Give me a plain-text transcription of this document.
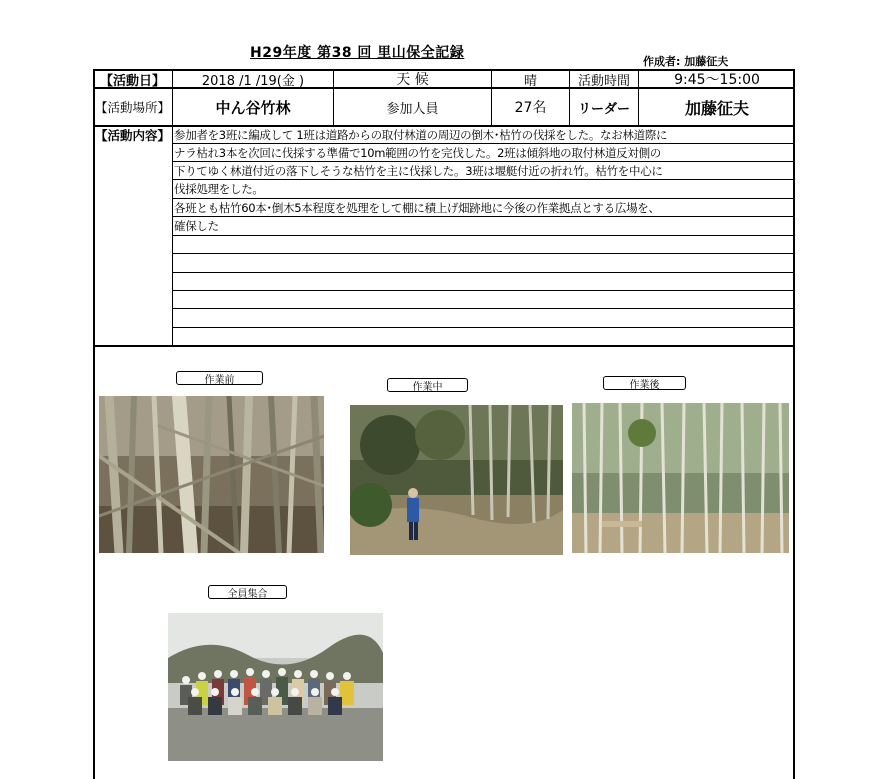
H29年度 第38 回 里山保全記録
作成者: 加藤征夫
【活動日】	2018 /1 /19(金 )	天 候	晴	活動時間	9:45〜15:00
【活動場所】	中ん谷竹林	参加人員	27名	リーダー	加藤征夫
【活動内容】 参加者を3班に編成して 1班は道路からの取付林道の周辺の倒木･枯竹の伐採をした。なお林道際に
ナラ枯れ3本を次回に伐採する準備で10m範囲の竹を完伐した。2班は傾斜地の取付林道反対側の
下りてゆく林道付近の落下しそうな枯竹を主に伐採した。3班は堰艇付近の折れ竹。枯竹を中心に
伐採処理をした。
各班とも枯竹60本･倒木5本程度を処理をして棚に積上げ畑跡地に今後の作業拠点とする広場を、
確保した
作業前
作業中	作業後
全員集合
